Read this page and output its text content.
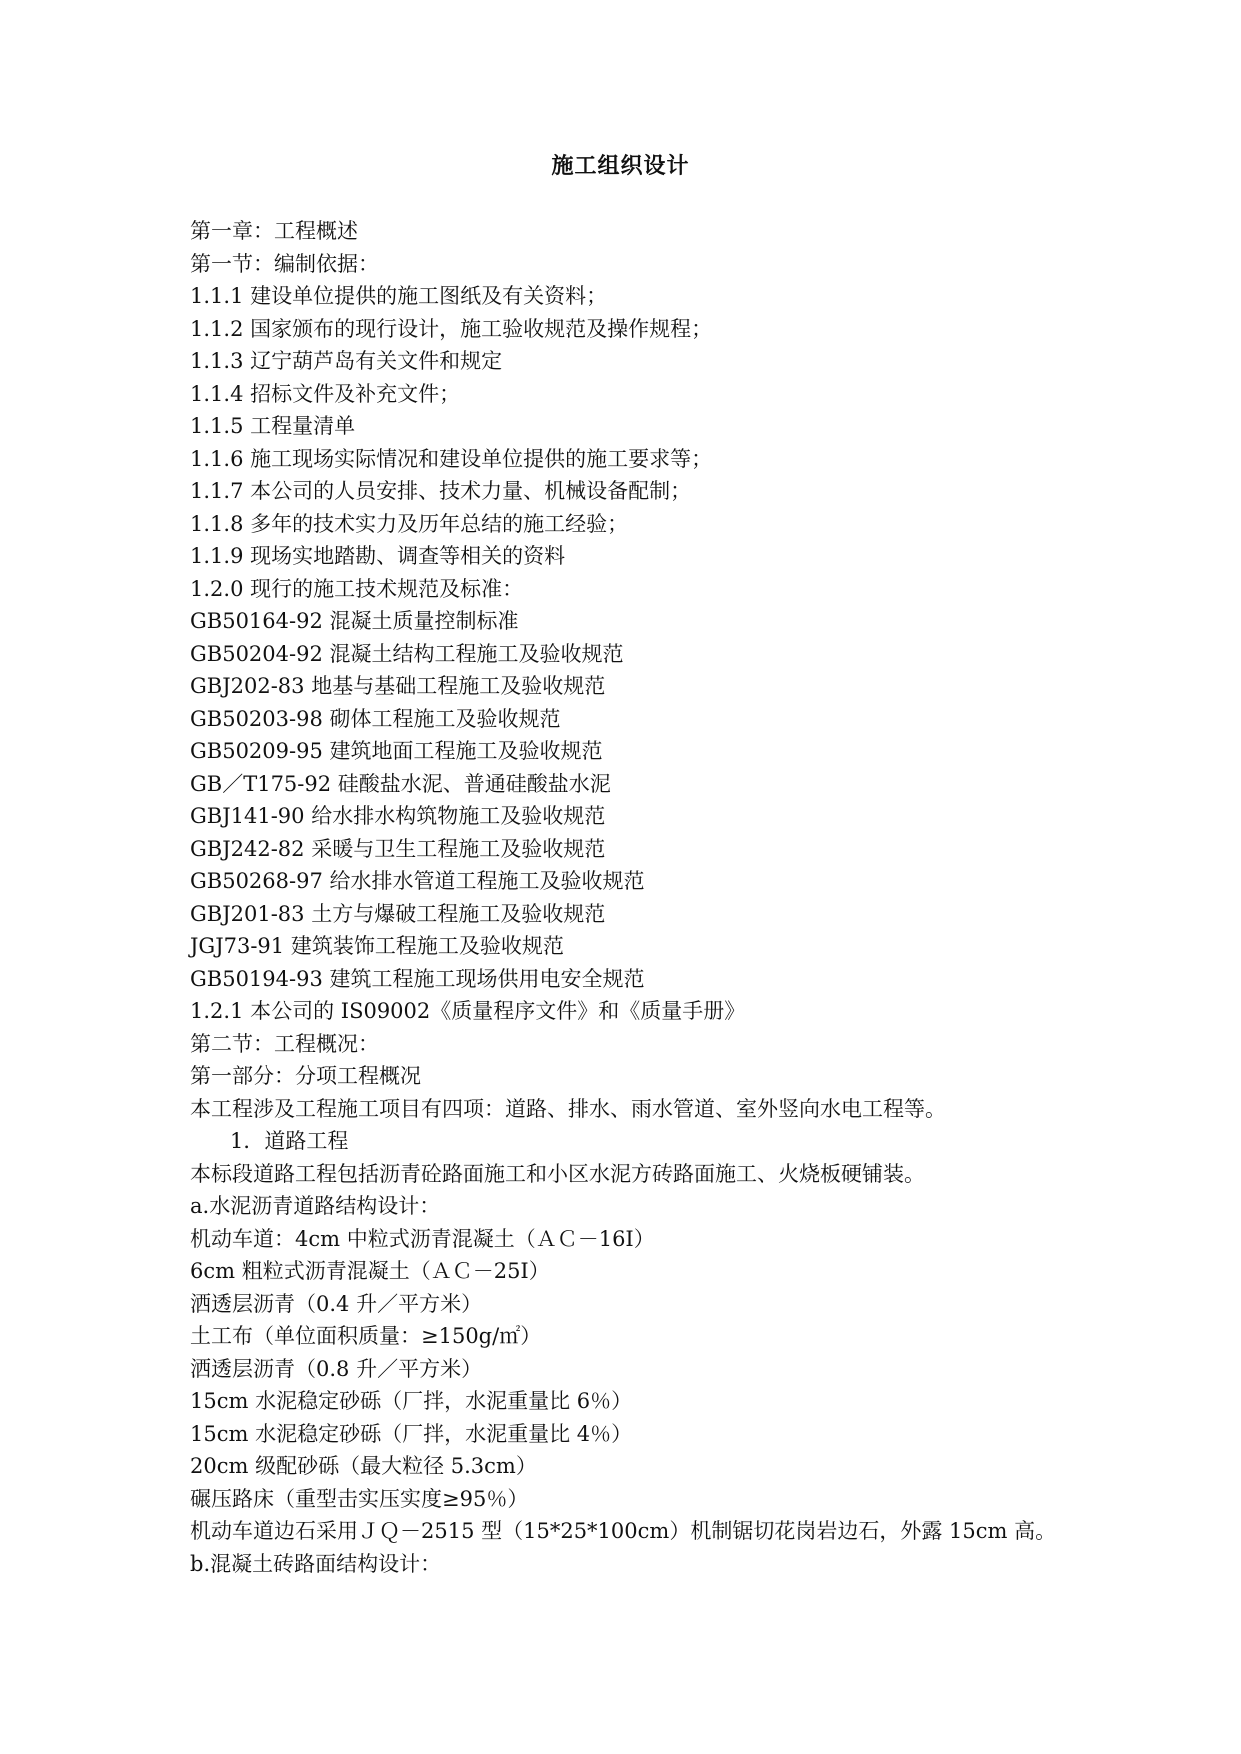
施工组织设计
第一章：工程概述
第一节：编制依据：
1.1.1 建设单位提供的施工图纸及有关资料；
1.1.2 国家颁布的现行设计，施工验收规范及操作规程；
1.1.3 辽宁葫芦岛有关文件和规定
1.1.4 招标文件及补充文件；
1.1.5 工程量清单
1.1.6 施工现场实际情况和建设单位提供的施工要求等；
1.1.7 本公司的人员安排、技术力量、机械设备配制；
1.1.8 多年的技术实力及历年总结的施工经验；
1.1.9 现场实地踏勘、调查等相关的资料
1.2.0 现行的施工技术规范及标准：
GB50164-92 混凝土质量控制标准
GB50204-92 混凝土结构工程施工及验收规范
GBJ202-83 地基与基础工程施工及验收规范
GB50203-98 砌体工程施工及验收规范
GB50209-95 建筑地面工程施工及验收规范
GB／T175-92 硅酸盐水泥、普通硅酸盐水泥
GBJ141-90 给水排水构筑物施工及验收规范
GBJ242-82 采暖与卫生工程施工及验收规范
GB50268-97 给水排水管道工程施工及验收规范
GBJ201-83 土方与爆破工程施工及验收规范
JGJ73-91 建筑装饰工程施工及验收规范
GB50194-93 建筑工程施工现场供用电安全规范
1.2.1 本公司的 IS09002《质量程序文件》和《质量手册》
第二节：工程概况：
第一部分：分项工程概况
本工程涉及工程施工项目有四项：道路、排水、雨水管道、室外竖向水电工程等。
1．道路工程
本标段道路工程包括沥青砼路面施工和小区水泥方砖路面施工、火烧板硬铺装。
a.水泥沥青道路结构设计：
机动车道：4cm 中粒式沥青混凝土（ＡＣ－16Ⅰ）
6cm 粗粒式沥青混凝土（ＡＣ－25Ⅰ）
洒透层沥青（0.4 升／平方米）
土工布（单位面积质量：≥150g/㎡）
洒透层沥青（0.8 升／平方米）
15cm 水泥稳定砂砾（厂拌，水泥重量比 6％）
15cm 水泥稳定砂砾（厂拌，水泥重量比 4％）
20cm 级配砂砾（最大粒径 5.3cm）
碾压路床（重型击实压实度≥95％）
机动车道边石采用ＪＱ－2515 型（15*25*100cm）机制锯切花岗岩边石，外露 15cm 高。
b.混凝土砖路面结构设计：
